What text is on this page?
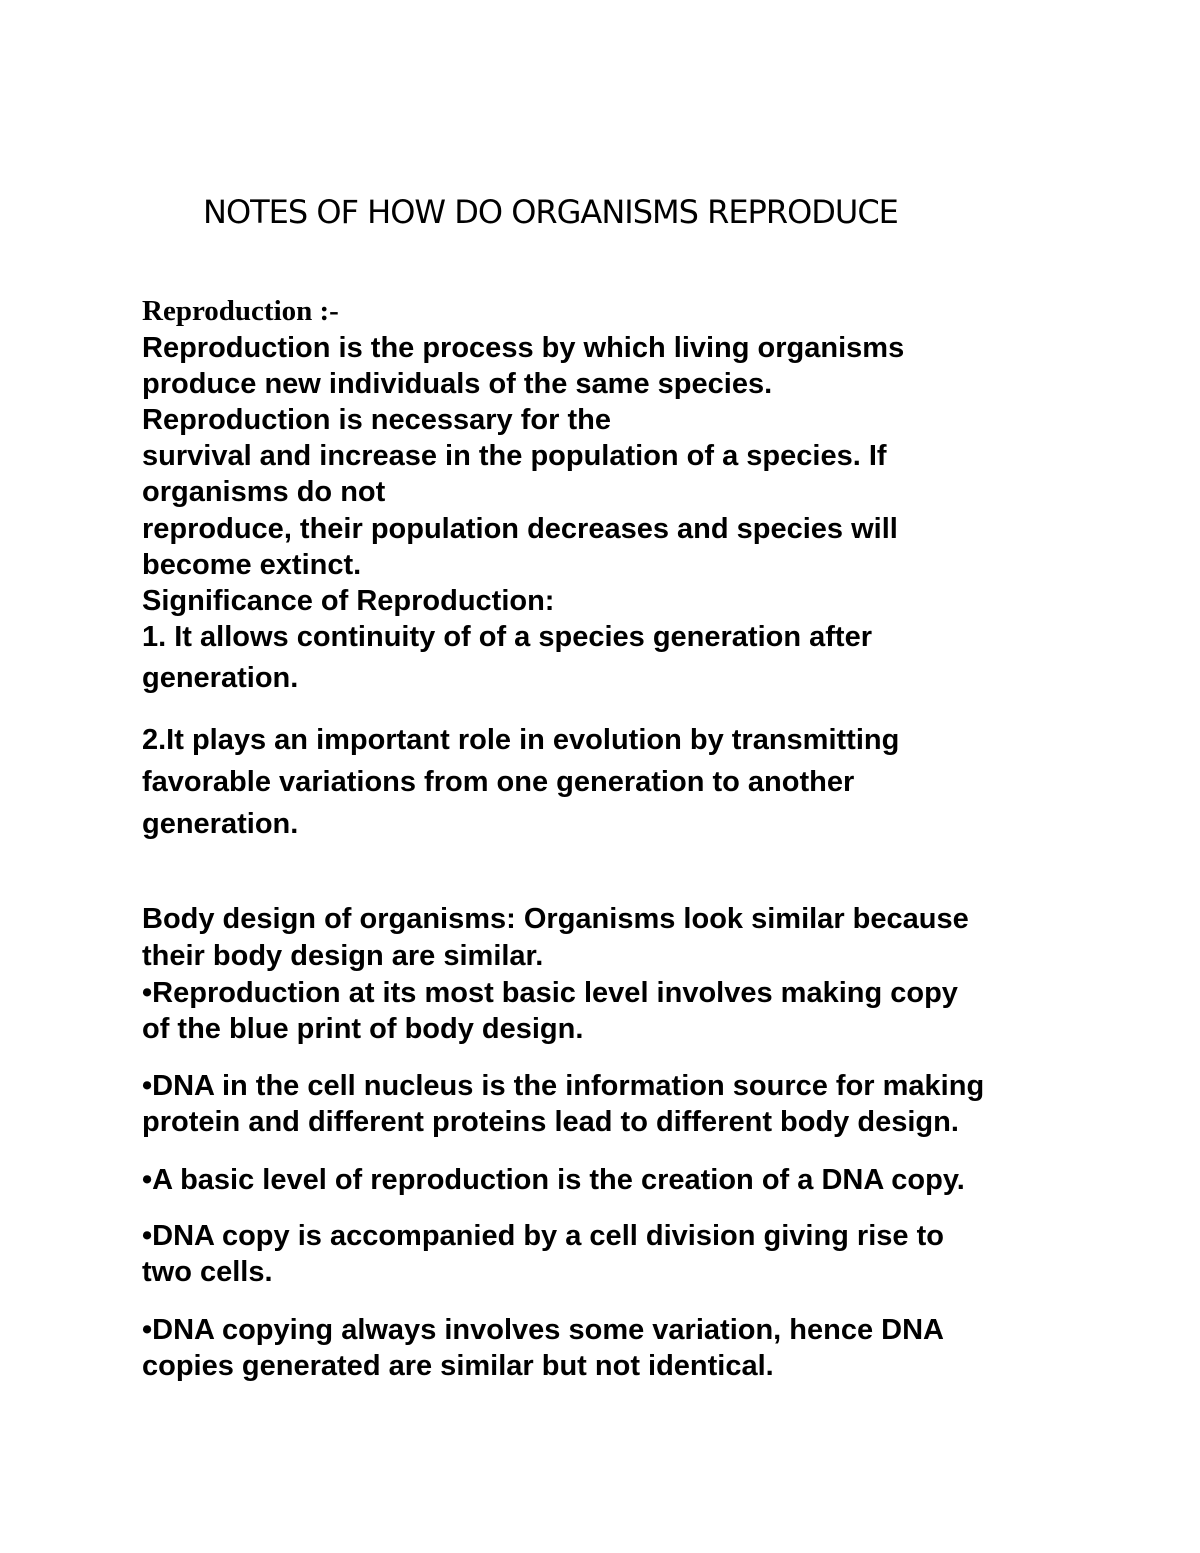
NOTES OF HOW DO ORGANISMS REPRODUCE
Reproduction :-
Reproduction is the process by which living organisms
produce new individuals of the same species.
Reproduction is necessary for the
survival and increase in the population of a species. If
organisms do not
reproduce, their population decreases and species will
become extinct.
Significance of Reproduction:
1. It allows continuity of of a species generation after
generation.
2.It plays an important role in evolution by transmitting
favorable variations from one generation to another
generation.
Body design of organisms: Organisms look similar because
their body design are similar.
•Reproduction at its most basic level involves making copy
of the blue print of body design.
•DNA in the cell nucleus is the information source for making
protein and different proteins lead to different body design.
•A basic level of reproduction is the creation of a DNA copy.
•DNA copy is accompanied by a cell division giving rise to
two cells.
•DNA copying always involves some variation, hence DNA
copies generated are similar but not identical.
